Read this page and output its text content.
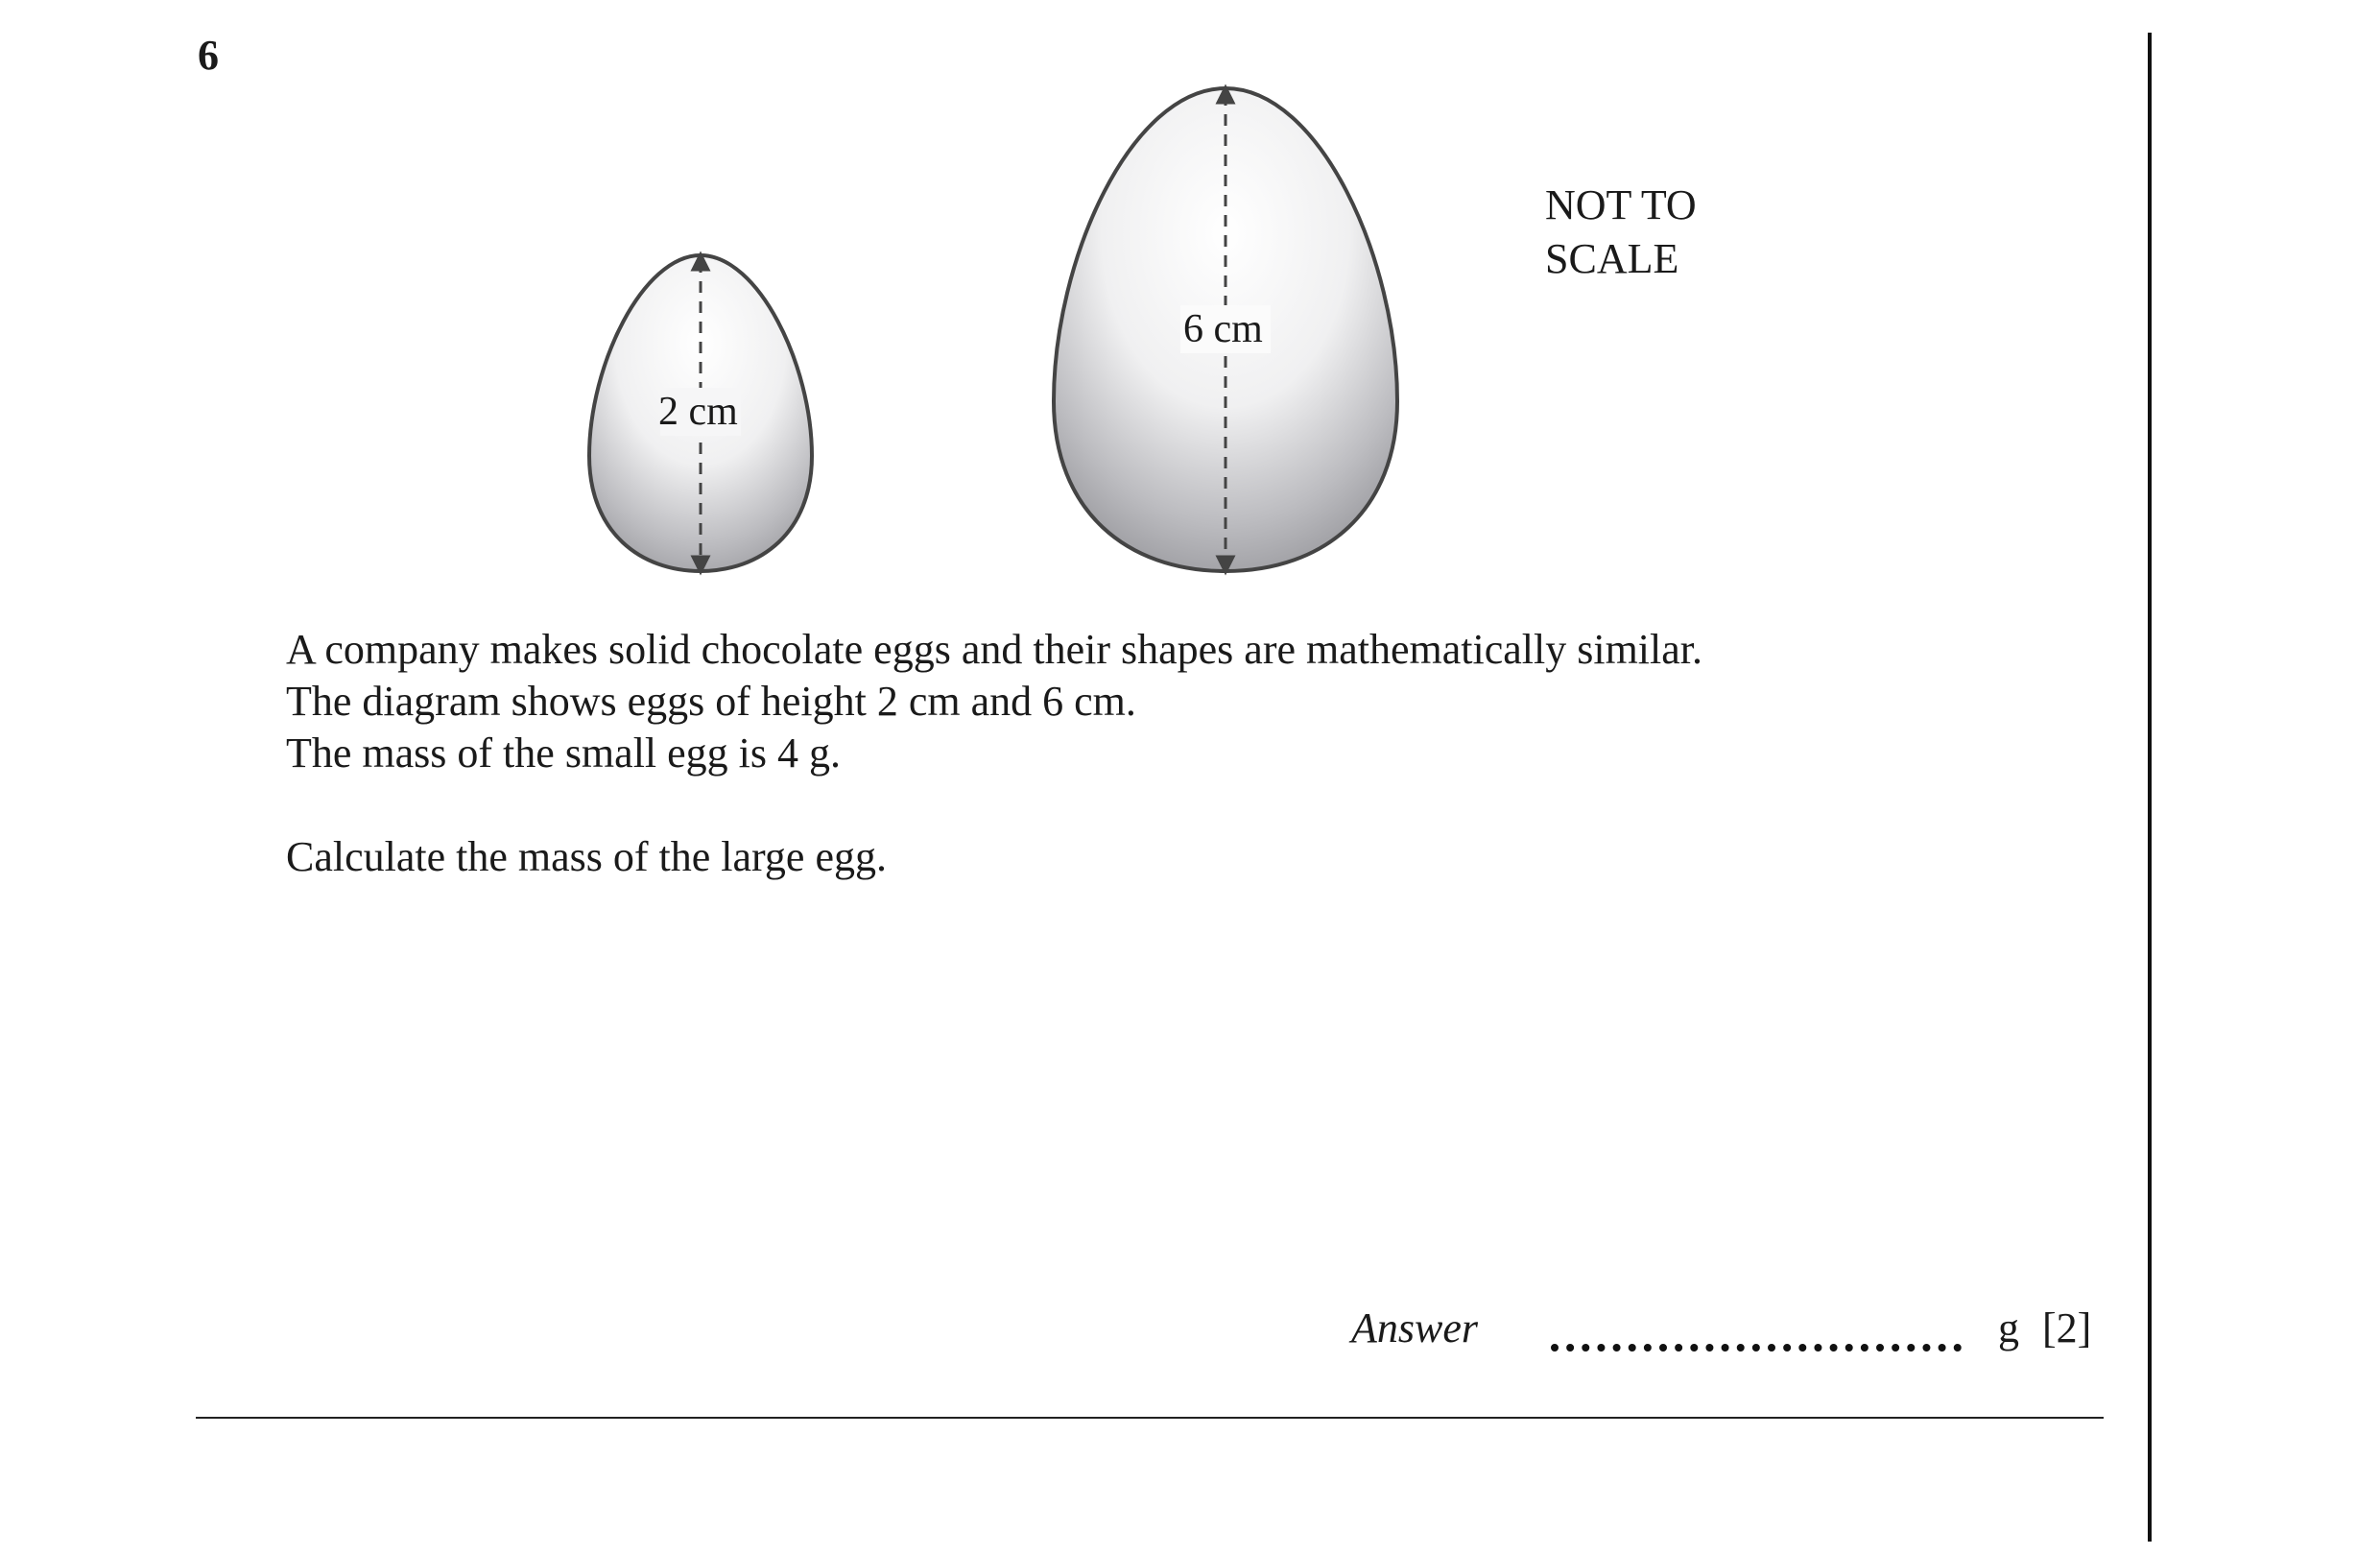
6
2 cm
6 cm
NOT TO
SCALE
A company makes solid chocolate eggs and their shapes are mathematically similar.
The diagram shows eggs of height 2 cm and 6 cm.
The mass of the small egg is 4 g.
Calculate the mass of the large egg.
Answer	g [2]
